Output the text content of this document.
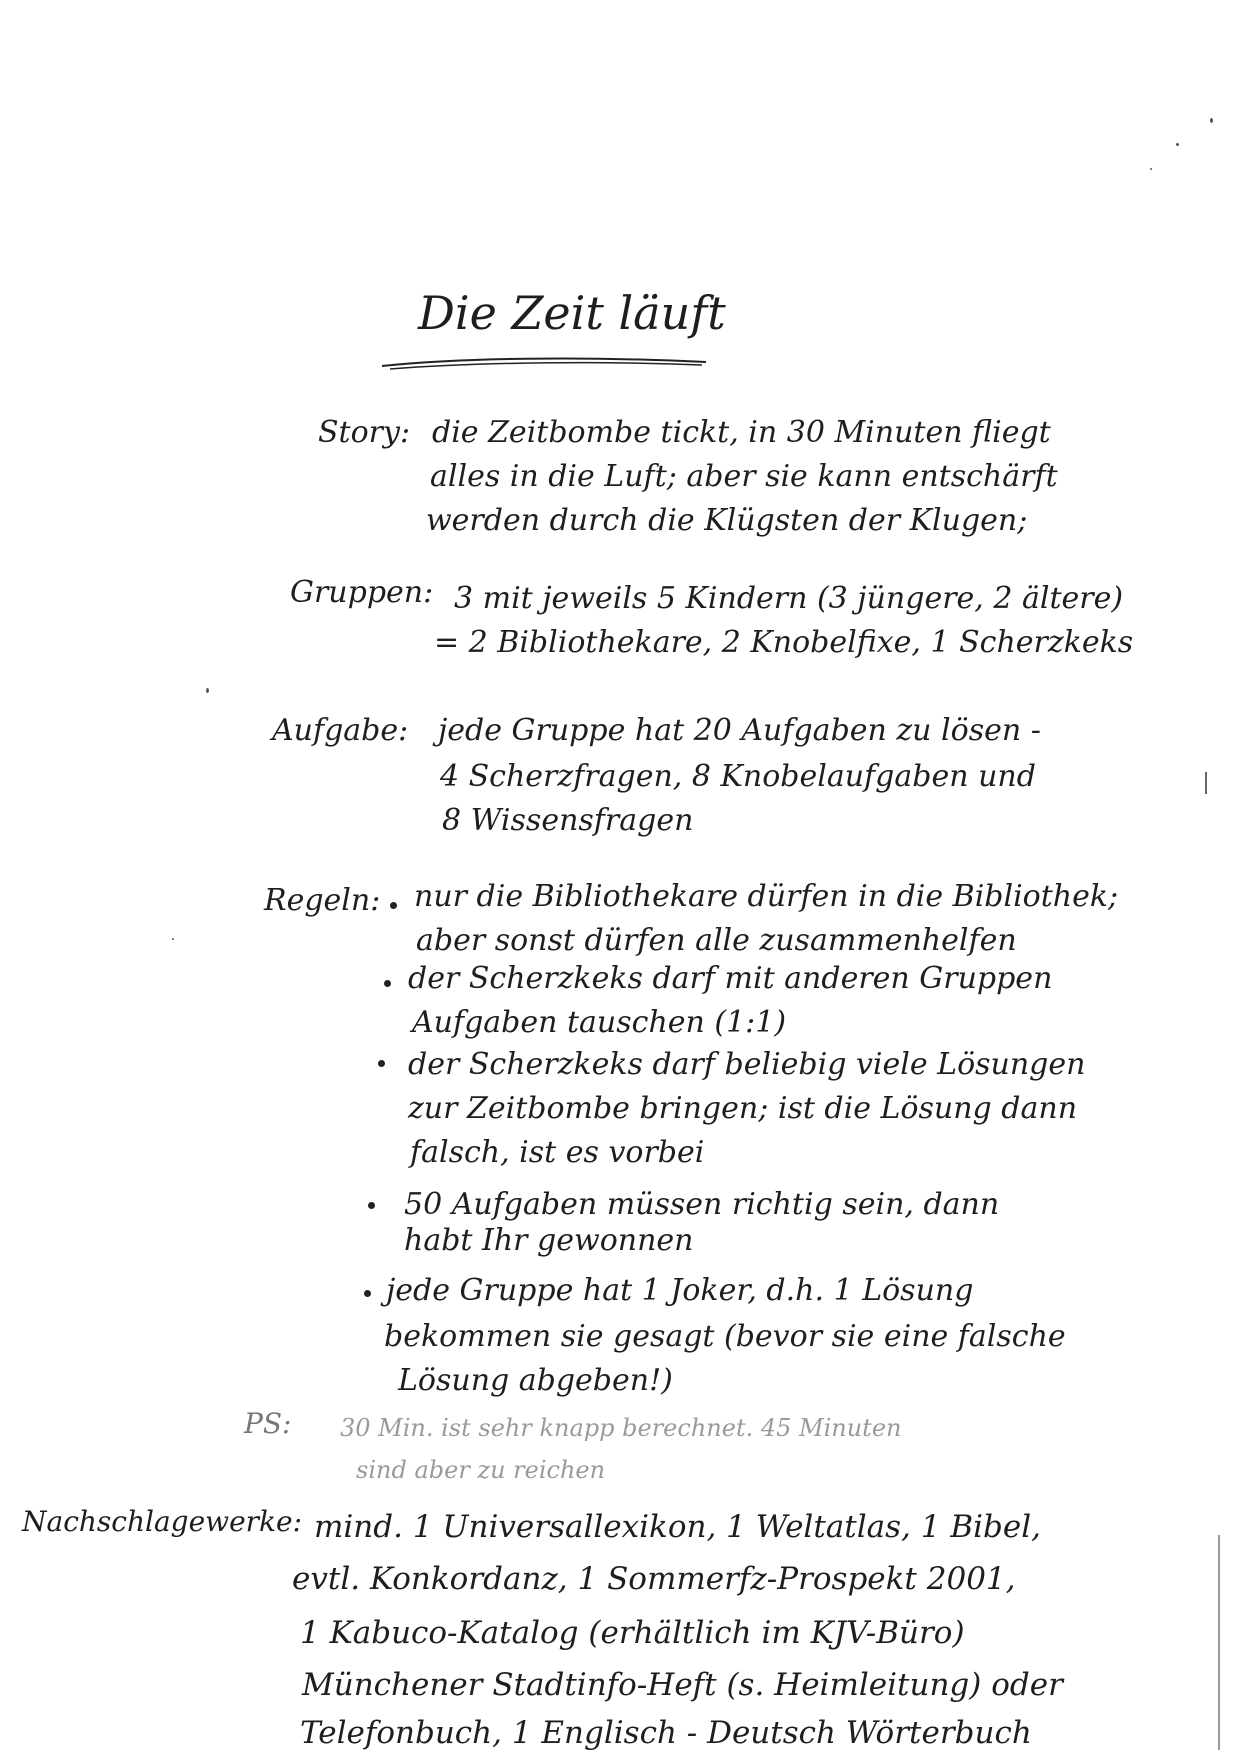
Die Zeit läuft
Story: die Zeitbombe tickt, in 30 Minuten fliegt
alles in die Luft; aber sie kann entschärft
werden durch die Klügsten der Klugen;
Gruppen: 3 mit jeweils 5 Kindern (3 jüngere, 2 ältere)
= 2 Bibliothekare, 2 Knobelfixe, 1 Scherzkeks
Aufgabe: jede Gruppe hat 20 Aufgaben zu lösen -
4 Scherzfragen, 8 Knobelaufgaben und
8 Wissensfragen
Regeln: nur die Bibliothekare dürfen in die Bibliothek;
aber sonst dürfen alle zusammenhelfen
der Scherzkeks darf mit anderen Gruppen
Aufgaben tauschen (1:1)
der Scherzkeks darf beliebig viele Lösungen
zur Zeitbombe bringen; ist die Lösung dann
falsch, ist es vorbei
50 Aufgaben müssen richtig sein, dann
habt Ihr gewonnen
jede Gruppe hat 1 Joker, d.h. 1 Lösung
bekommen sie gesagt (bevor sie eine falsche
Lösung abgeben!)
PS: 30 Min. ist sehr knapp berechnet. 45 Minuten
sind aber zu reichen
Nachschlagewerke: mind. 1 Universallexikon, 1 Weltatlas, 1 Bibel,
evtl. Konkordanz, 1 Sommerfz-Prospekt 2001,
1 Kabuco-Katalog (erhältlich im KJV-Büro)
Münchener Stadtinfo-Heft (s. Heimleitung) oder
Telefonbuch, 1 Englisch - Deutsch Wörterbuch
